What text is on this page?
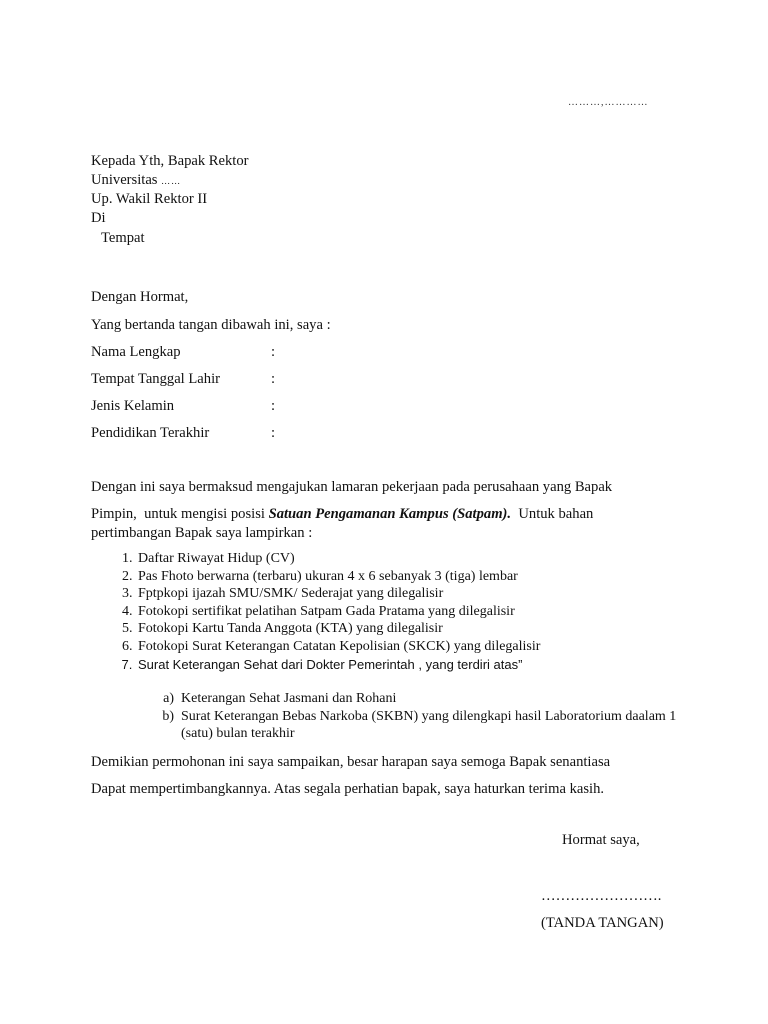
………,…………
Kepada Yth, Bapak Rektor
Universitas ……
Up. Wakil Rektor II
Di
Tempat
Dengan Hormat,
Yang bertanda tangan dibawah ini, saya :
Nama Lengkap	:
Tempat Tanggal Lahir	:
Jenis Kelamin	:
Pendidikan Terakhir	:
Dengan ini saya bermaksud mengajukan lamaran pekerjaan pada perusahaan yang Bapak
Pimpin,  untuk mengisi posisi Satuan Pengamanan Kampus (Satpam).  Untuk bahan
pertimbangan Bapak saya lampirkan :
1. Daftar Riwayat Hidup (CV)
2. Pas Fhoto berwarna (terbaru) ukuran 4 x 6 sebanyak 3 (tiga) lembar
3. Fptpkopi ijazah SMU/SMK/ Sederajat yang dilegalisir
4. Fotokopi sertifikat pelatihan Satpam Gada Pratama yang dilegalisir
5. Fotokopi Kartu Tanda Anggota (KTA) yang dilegalisir
6. Fotokopi Surat Keterangan Catatan Kepolisian (SKCK) yang dilegalisir
7. Surat Keterangan Sehat dari Dokter Pemerintah , yang terdiri atas”
a. Keterangan Sehat Jasmani dan Rohani
b. Surat Keterangan Bebas Narkoba (SKBN) yang dilengkapi hasil Laboratorium daalam 1 (satu) bulan terakhir
Demikian permohonan ini saya sampaikan, besar harapan saya semoga Bapak senantiasa
Dapat mempertimbangkannya. Atas segala perhatian bapak, saya haturkan terima kasih.
Hormat saya,
…………………….
(TANDA TANGAN)
